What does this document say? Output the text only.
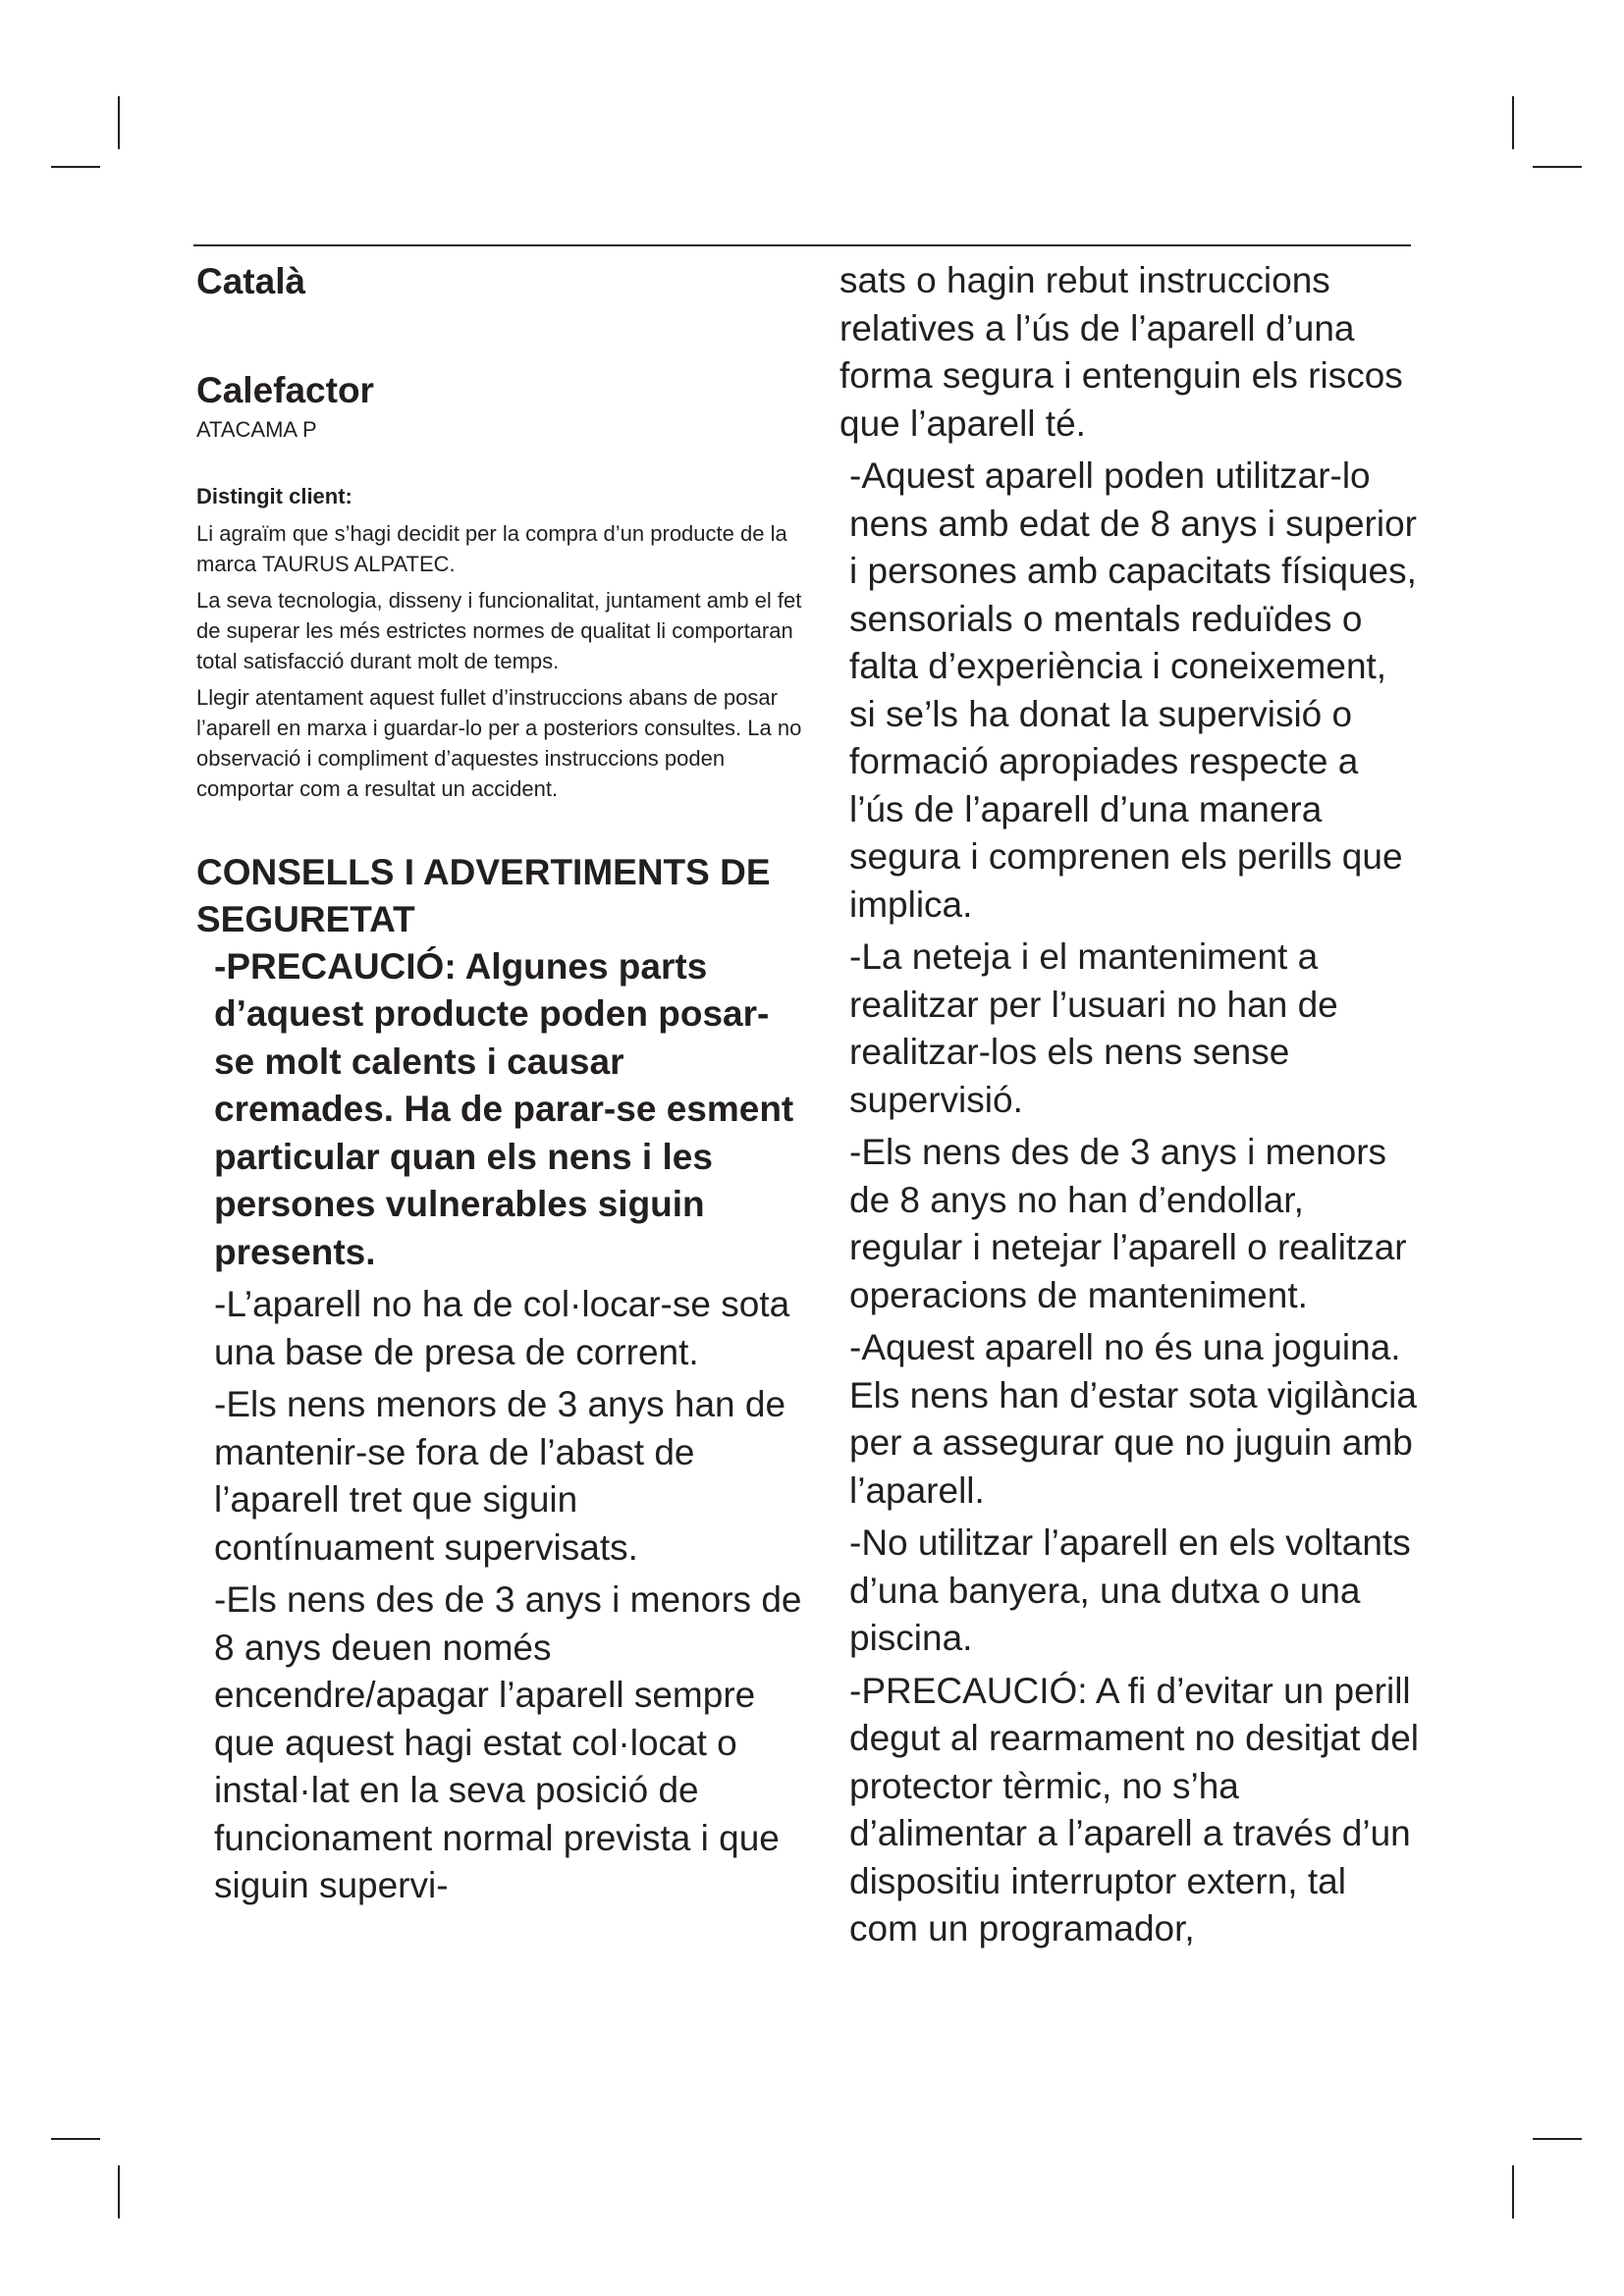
Català
Calefactor
ATACAMA P
Distingit client:

Li agraïm que s’hagi decidit per la compra d’un producte de la marca TAURUS ALPATEC.

La seva tecnologia, disseny i funcionalitat, juntament amb el fet de superar les més estrictes normes de qualitat li comportaran total satisfacció durant molt de temps.

Llegir atentament aquest fullet d’instruccions abans de posar l’aparell en marxa i guardar-lo per a posteriors consultes. La no observació i compliment d’aquestes instruccions poden comportar com a resultat un accident.

CONSELLS I ADVERTIMENTS DE SEGURETAT

-PRECAUCIÓ: Algunes parts d’aquest producte poden posar-se molt calents i causar cremades. Ha de parar-se esment particular quan els nens i les persones vulnerables siguin presents.

-L’aparell no ha de col·locar-se sota una base de presa de corrent.

-Els nens menors de 3 anys han de mantenir-se fora de l’abast de l’aparell tret que siguin contínuament supervisats.

-Els nens des de 3 anys i menors de 8 anys deuen només encendre/apagar l’aparell sempre que aquest hagi estat col·locat o instal·lat en la seva posició de funcionament normal prevista i que siguin supervi-

sats o hagin rebut instruccions relatives a l’ús de l’aparell d’una forma segura i entenguin els riscos que l’aparell té.

-Aquest aparell poden utilitzar-lo nens amb edat de 8 anys i superior i persones amb capacitats físiques, sensorials o mentals reduïdes o falta d’experiència i coneixement, si se’ls ha donat la supervisió o formació apropiades respecte a l’ús de l’aparell d’una manera segura i comprenen els perills que implica.

-La neteja i el manteniment a realitzar per l’usuari no han de realitzar-los els nens sense supervisió.

-Els nens des de 3 anys i menors de 8 anys no han d’endollar, regular i netejar l’aparell o realitzar operacions de manteniment.

-Aquest aparell no és una joguina. Els nens han d’estar sota vigilància per a assegurar que no juguin amb l’aparell.

-No utilitzar l’aparell en els voltants d’una banyera, una dutxa o una piscina.

-PRECAUCIÓ: A fi d’evitar un perill degut al rearmament no desitjat del protector tèrmic, no s’ha d’alimentar a l’aparell a través d’un dispositiu interruptor extern, tal com un programador,
